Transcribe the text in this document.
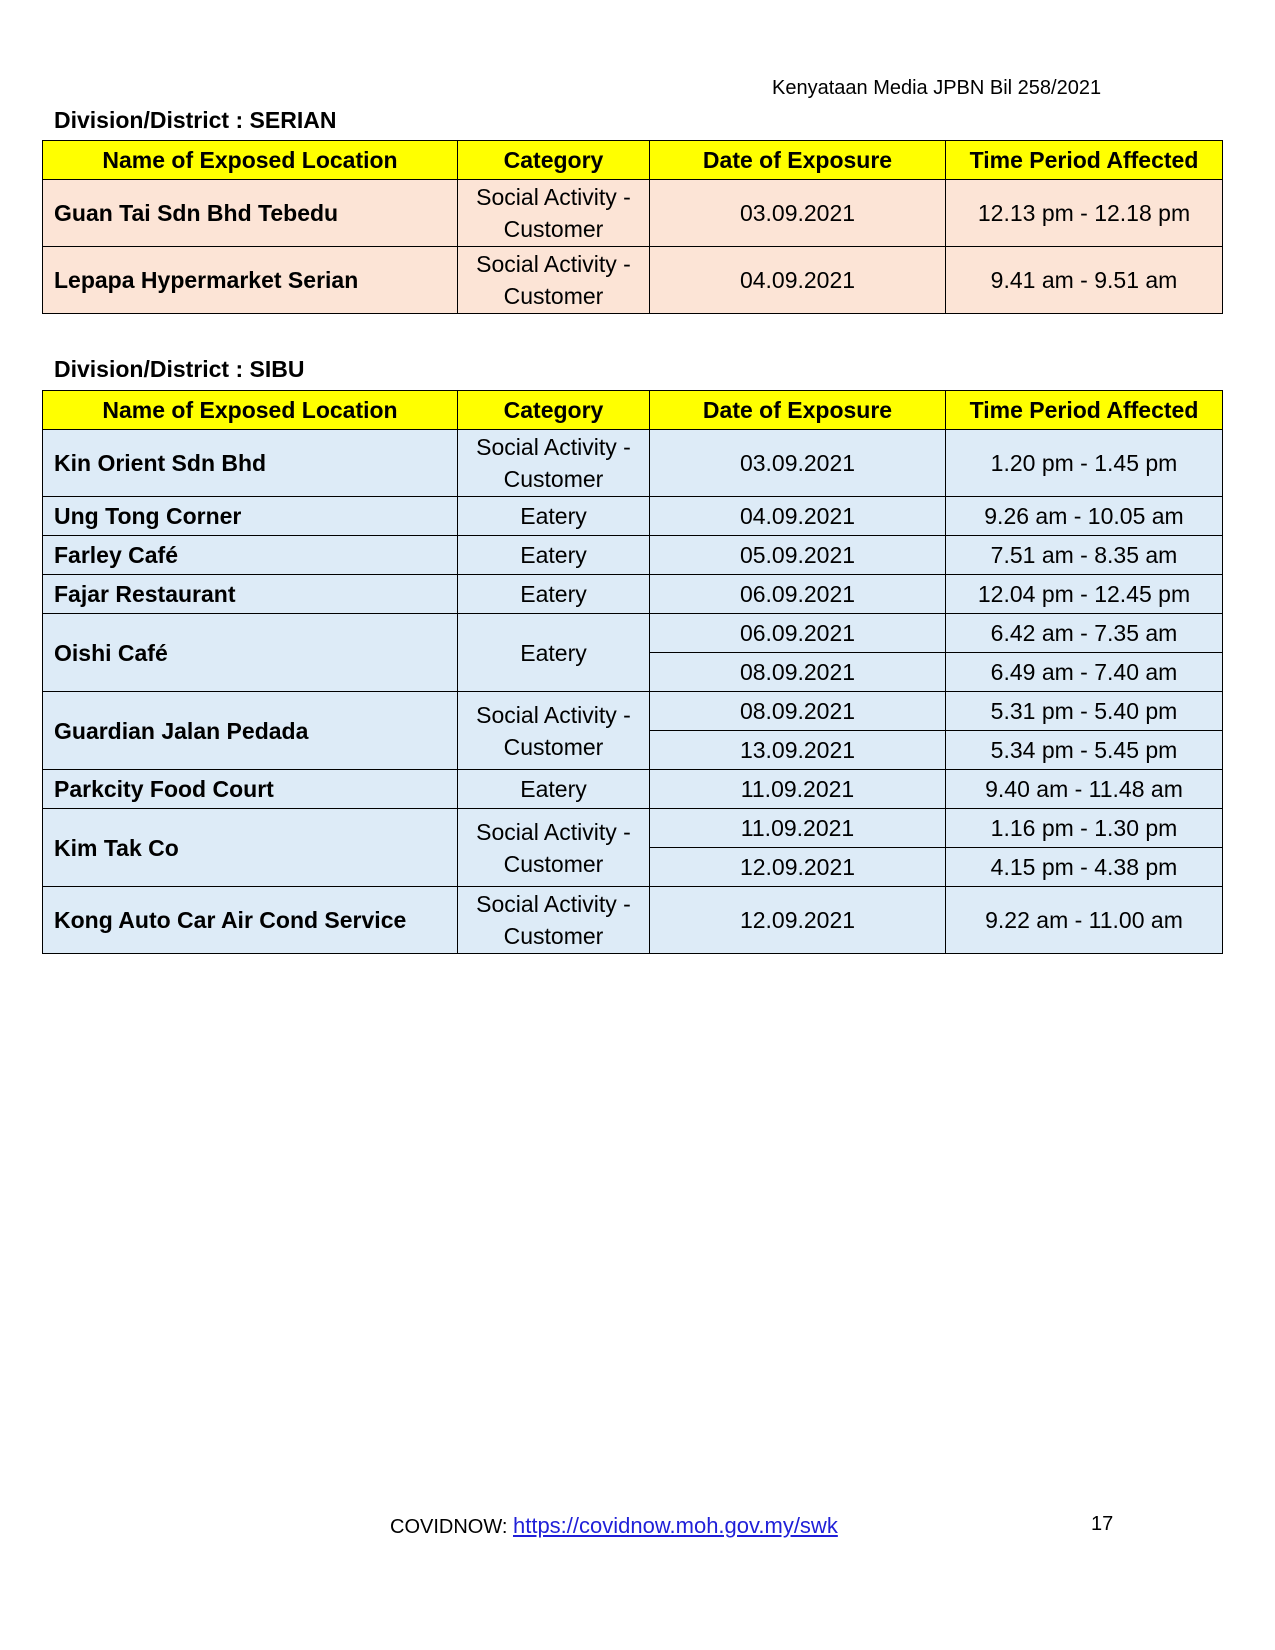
Kenyataan Media JPBN Bil 258/2021
Division/District : SERIAN
Name of Exposed Location	Category	Date of Exposure	Time Period Affected
Guan Tai Sdn Bhd Tebedu	Social Activity - Customer	03.09.2021	12.13 pm - 12.18 pm
Lepapa Hypermarket Serian	Social Activity - Customer	04.09.2021	9.41 am - 9.51 am
Division/District : SIBU
Name of Exposed Location	Category	Date of Exposure	Time Period Affected
Kin Orient Sdn Bhd	Social Activity - Customer	03.09.2021	1.20 pm - 1.45 pm
Ung Tong Corner	Eatery	04.09.2021	9.26 am - 10.05 am
Farley Café	Eatery	05.09.2021	7.51 am - 8.35 am
Fajar Restaurant	Eatery	06.09.2021	12.04 pm - 12.45 pm
Oishi Café	Eatery	06.09.2021	6.42 am - 7.35 am
		08.09.2021	6.49 am - 7.40 am
Guardian Jalan Pedada	Social Activity - Customer	08.09.2021	5.31 pm - 5.40 pm
		13.09.2021	5.34 pm - 5.45 pm
Parkcity Food Court	Eatery	11.09.2021	9.40 am - 11.48 am
Kim Tak Co	Social Activity - Customer	11.09.2021	1.16 pm - 1.30 pm
		12.09.2021	4.15 pm - 4.38 pm
Kong Auto Car Air Cond Service	Social Activity - Customer	12.09.2021	9.22 am - 11.00 am
COVIDNOW: https://covidnow.moh.gov.my/swk	17
